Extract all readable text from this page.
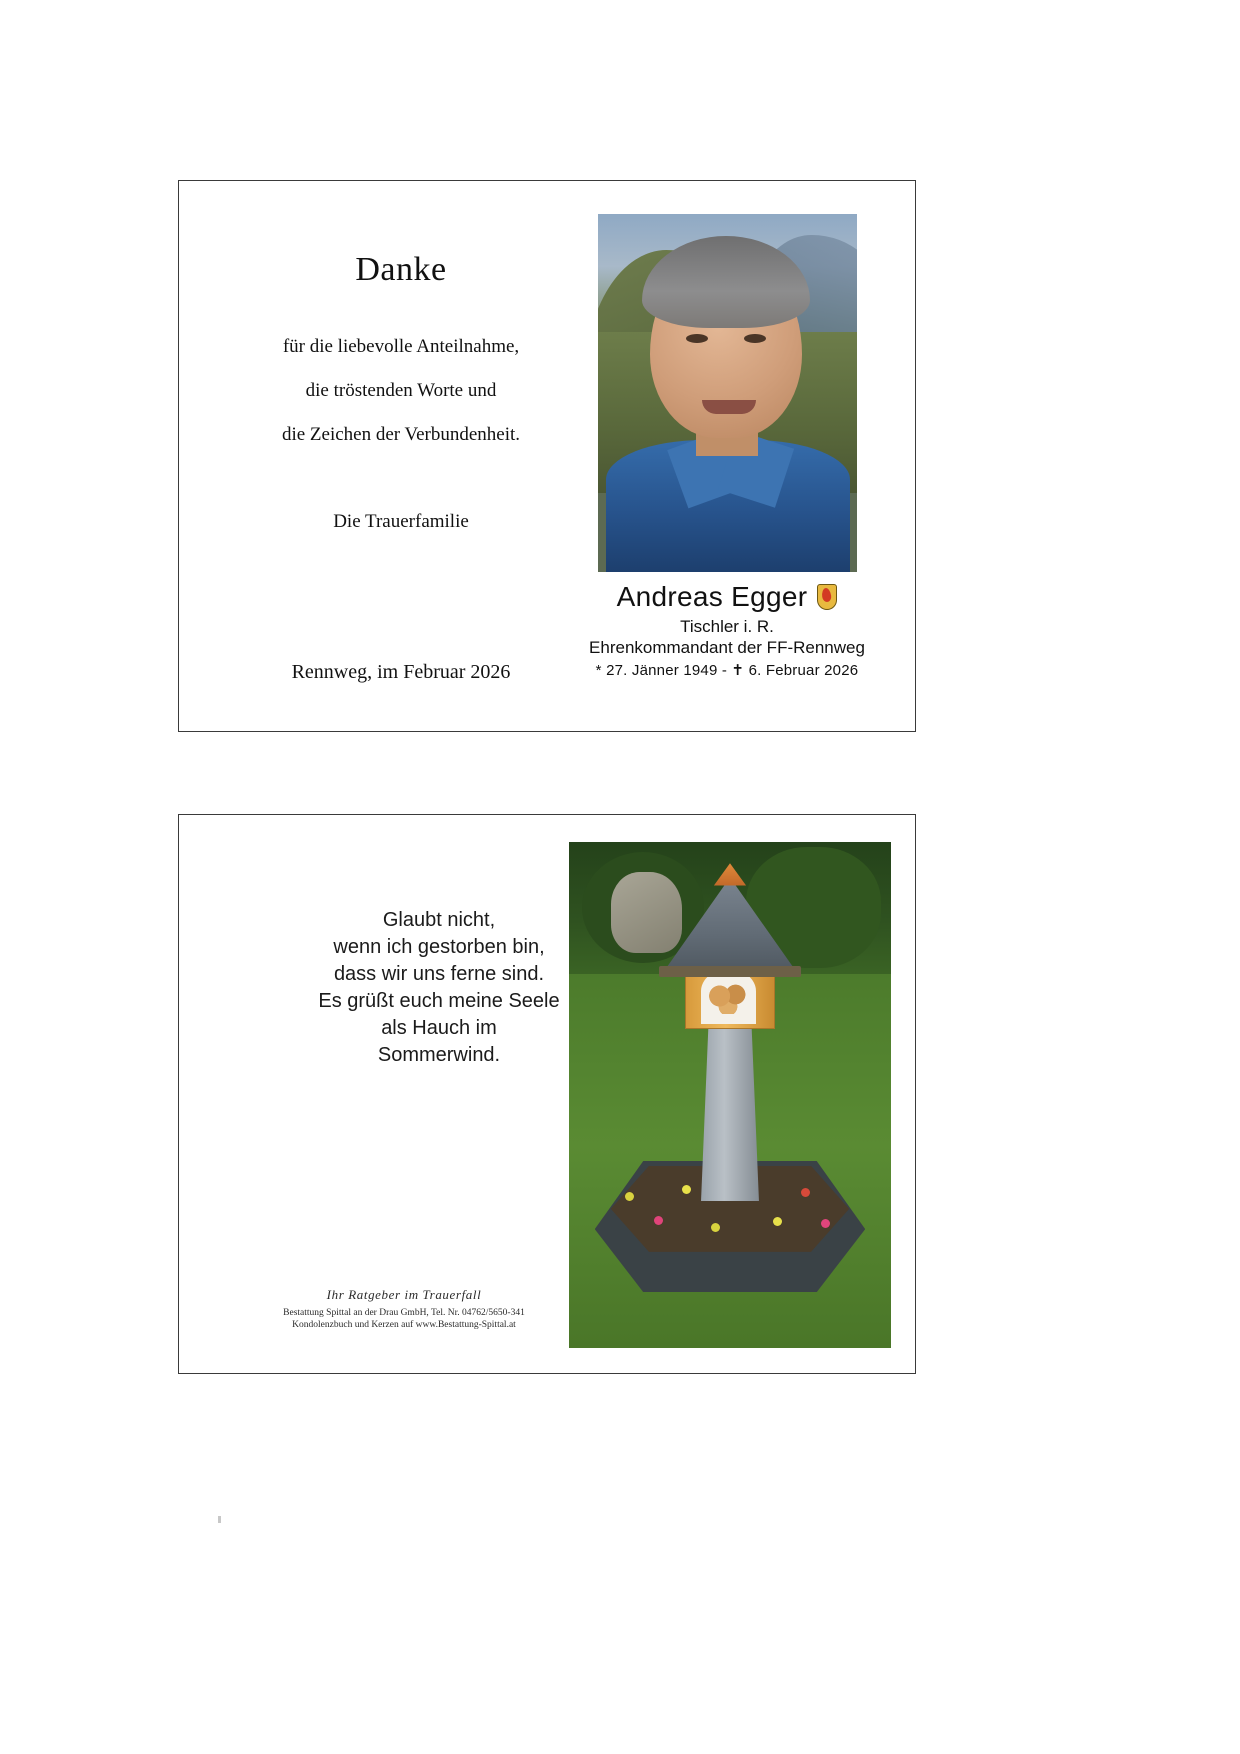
Danke
für die liebevolle Anteilnahme,
die tröstenden Worte und
die Zeichen der Verbundenheit.
Die Trauerfamilie
Rennweg, im Februar 2026
Andreas Egger
Tischler i. R.
Ehrenkommandant der FF-Rennweg
* 27. Jänner 1949 - ✝ 6. Februar 2026
Glaubt nicht,
wenn ich gestorben bin,
dass wir uns ferne sind.
Es grüßt euch meine Seele
als Hauch im
Sommerwind.
Ihr Ratgeber im Trauerfall
Bestattung Spittal an der Drau GmbH, Tel. Nr. 04762/5650-341
Kondolenzbuch und Kerzen auf www.Bestattung-Spittal.at
